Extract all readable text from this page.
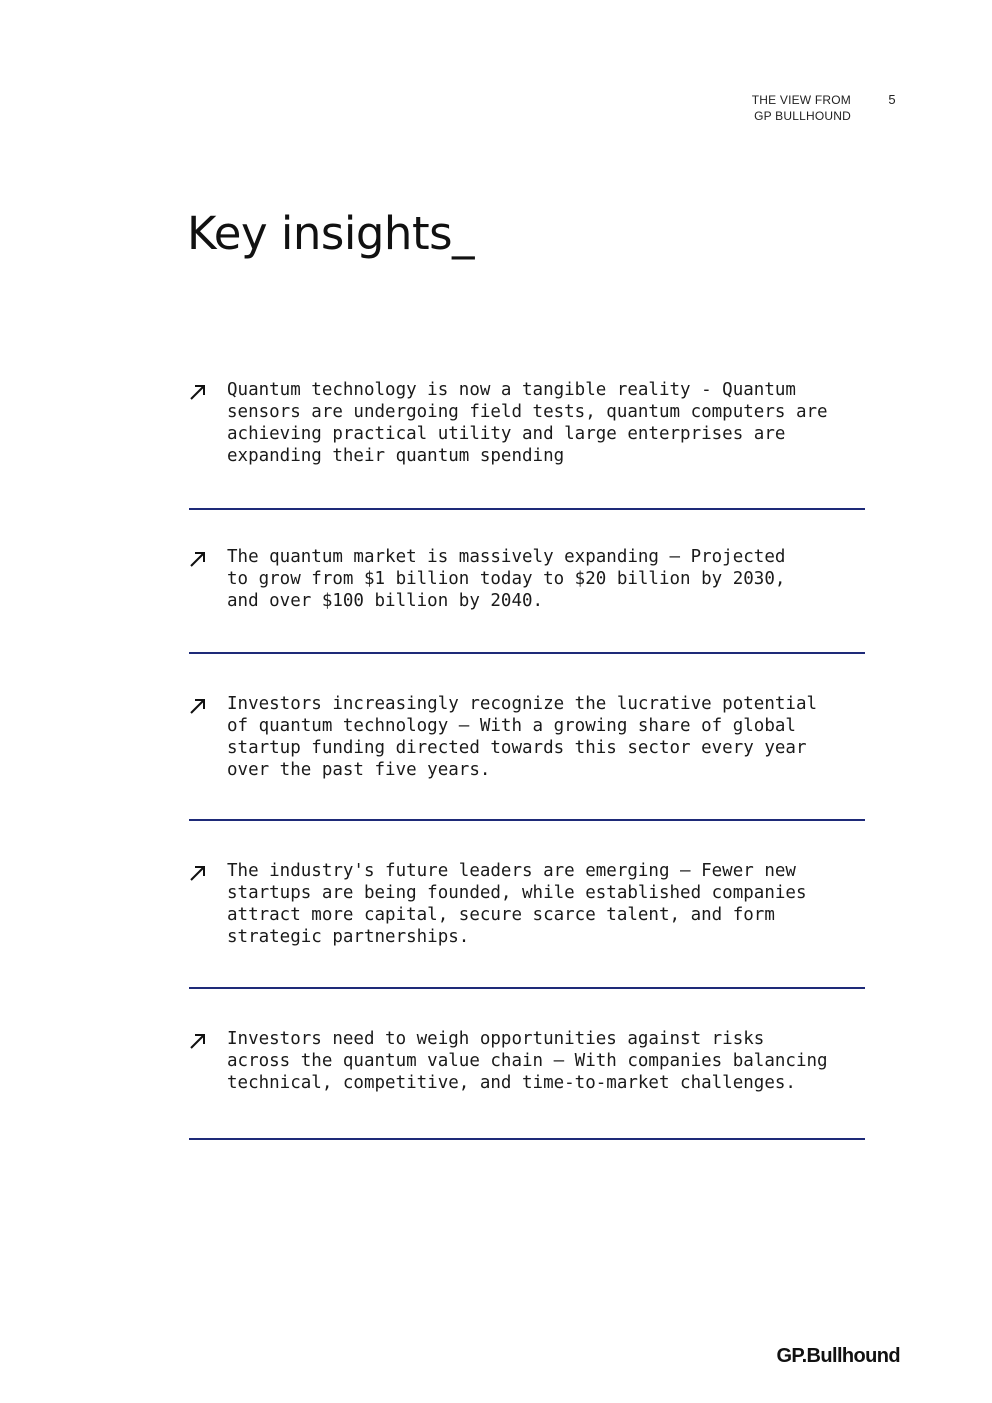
THE VIEW FROM
GP BULLHOUND
5
Key insights_

Quantum technology is now a tangible reality - Quantum
sensors are undergoing field tests, quantum computers are
achieving practical utility and large enterprises are
expanding their quantum spending

The quantum market is massively expanding — Projected
to grow from $1 billion today to $20 billion by 2030,
and over $100 billion by 2040.

Investors increasingly recognize the lucrative potential
of quantum technology — With a growing share of global
startup funding directed towards this sector every year
over the past five years.

The industry's future leaders are emerging — Fewer new
startups are being founded, while established companies
attract more capital, secure scarce talent, and form
strategic partnerships.

Investors need to weigh opportunities against risks
across the quantum value chain — With companies balancing
technical, competitive, and time-to-market challenges.

GP.Bullhound
